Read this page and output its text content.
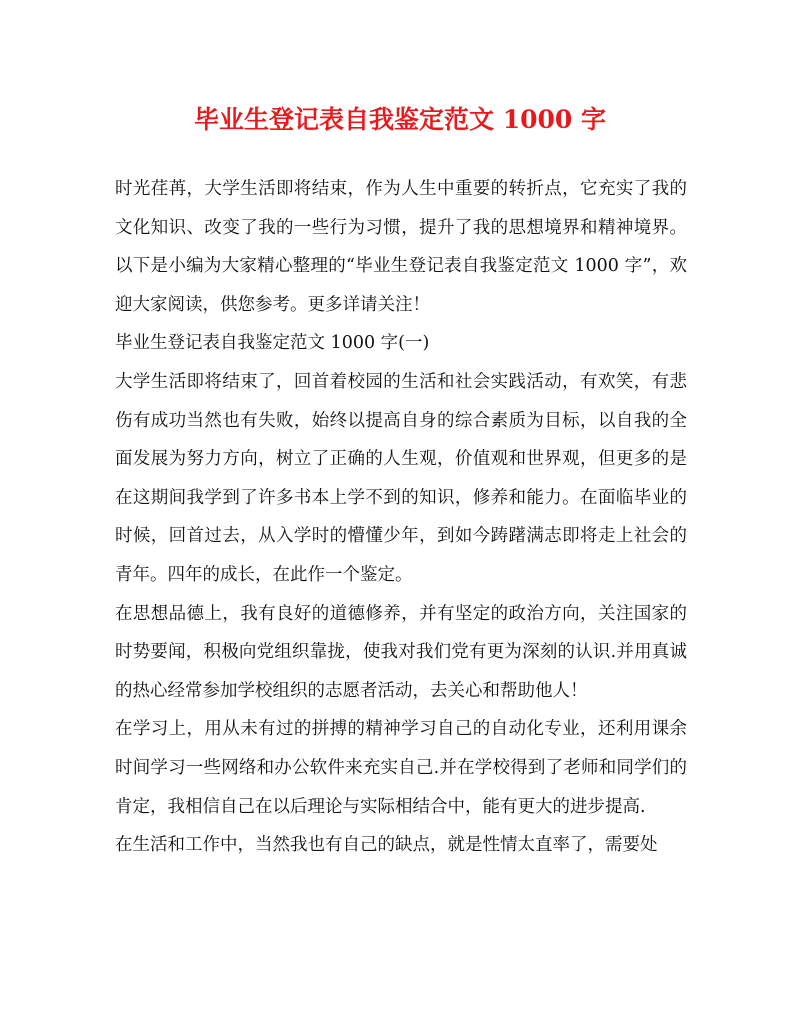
毕业生登记表自我鉴定范文 1000 字

时光荏苒，大学生活即将结束，作为人生中重要的转折点，它充实了我的文化知识、改变了我的一些行为习惯，提升了我的思想境界和精神境界。以下是小编为大家精心整理的“毕业生登记表自我鉴定范文 1000 字”，欢迎大家阅读，供您参考。更多详请关注！

毕业生登记表自我鉴定范文 1000 字(一)

大学生活即将结束了，回首着校园的生活和社会实践活动，有欢笑，有悲伤有成功当然也有失败，始终以提高自身的综合素质为目标，以自我的全面发展为努力方向，树立了正确的人生观，价值观和世界观，但更多的是在这期间我学到了许多书本上学不到的知识，修养和能力。在面临毕业的时候，回首过去，从入学时的懵懂少年，到如今踌躇满志即将走上社会的青年。四年的成长，在此作一个鉴定。

在思想品德上，我有良好的道德修养，并有坚定的政治方向，关注国家的时势要闻，积极向党组织靠拢，使我对我们党有更为深刻的认识.并用真诚的热心经常参加学校组织的志愿者活动，去关心和帮助他人！

在学习上，用从未有过的拼搏的精神学习自己的自动化专业，还利用课余时间学习一些网络和办公软件来充实自己.并在学校得到了老师和同学们的肯定，我相信自己在以后理论与实际相结合中，能有更大的进步提高.

在生活和工作中，当然我也有自己的缺点，就是性情太直率了，需要处
